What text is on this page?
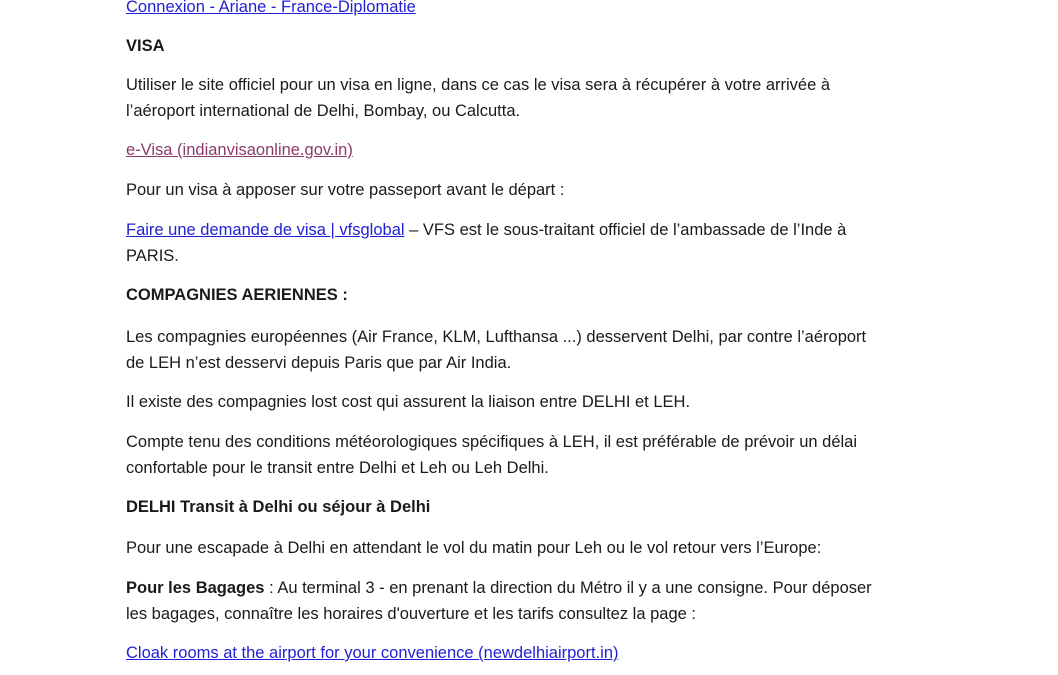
Connexion - Ariane - France-Diplomatie
VISA
Utiliser le site officiel pour un visa en ligne, dans ce cas le visa sera à récupérer à votre arrivée à
l’aéroport international de Delhi, Bombay, ou Calcutta.
e-Visa (indianvisaonline.gov.in)
Pour un visa à apposer sur votre passeport avant le départ :
Faire une demande de visa | vfsglobal – VFS est le sous-traitant officiel de l’ambassade de l’Inde à
PARIS.
COMPAGNIES AERIENNES :
Les compagnies européennes (Air France, KLM, Lufthansa ...) desservent Delhi, par contre l’aéroport
de LEH n’est desservi depuis Paris que par Air India.
Il existe des compagnies lost cost qui assurent la liaison entre DELHI et LEH.
Compte tenu des conditions météorologiques spécifiques à LEH, il est préférable de prévoir un délai
confortable pour le transit entre Delhi et Leh ou Leh Delhi.
DELHI Transit à Delhi ou séjour à Delhi
Pour une escapade à Delhi en attendant le vol du matin pour Leh ou le vol retour vers l’Europe:
Pour les Bagages : Au terminal 3 - en prenant la direction du Métro il y a une consigne. Pour déposer
les bagages, connaître les horaires d'ouverture et les tarifs consultez la page :
Cloak rooms at the airport for your convenience (newdelhiairport.in)
